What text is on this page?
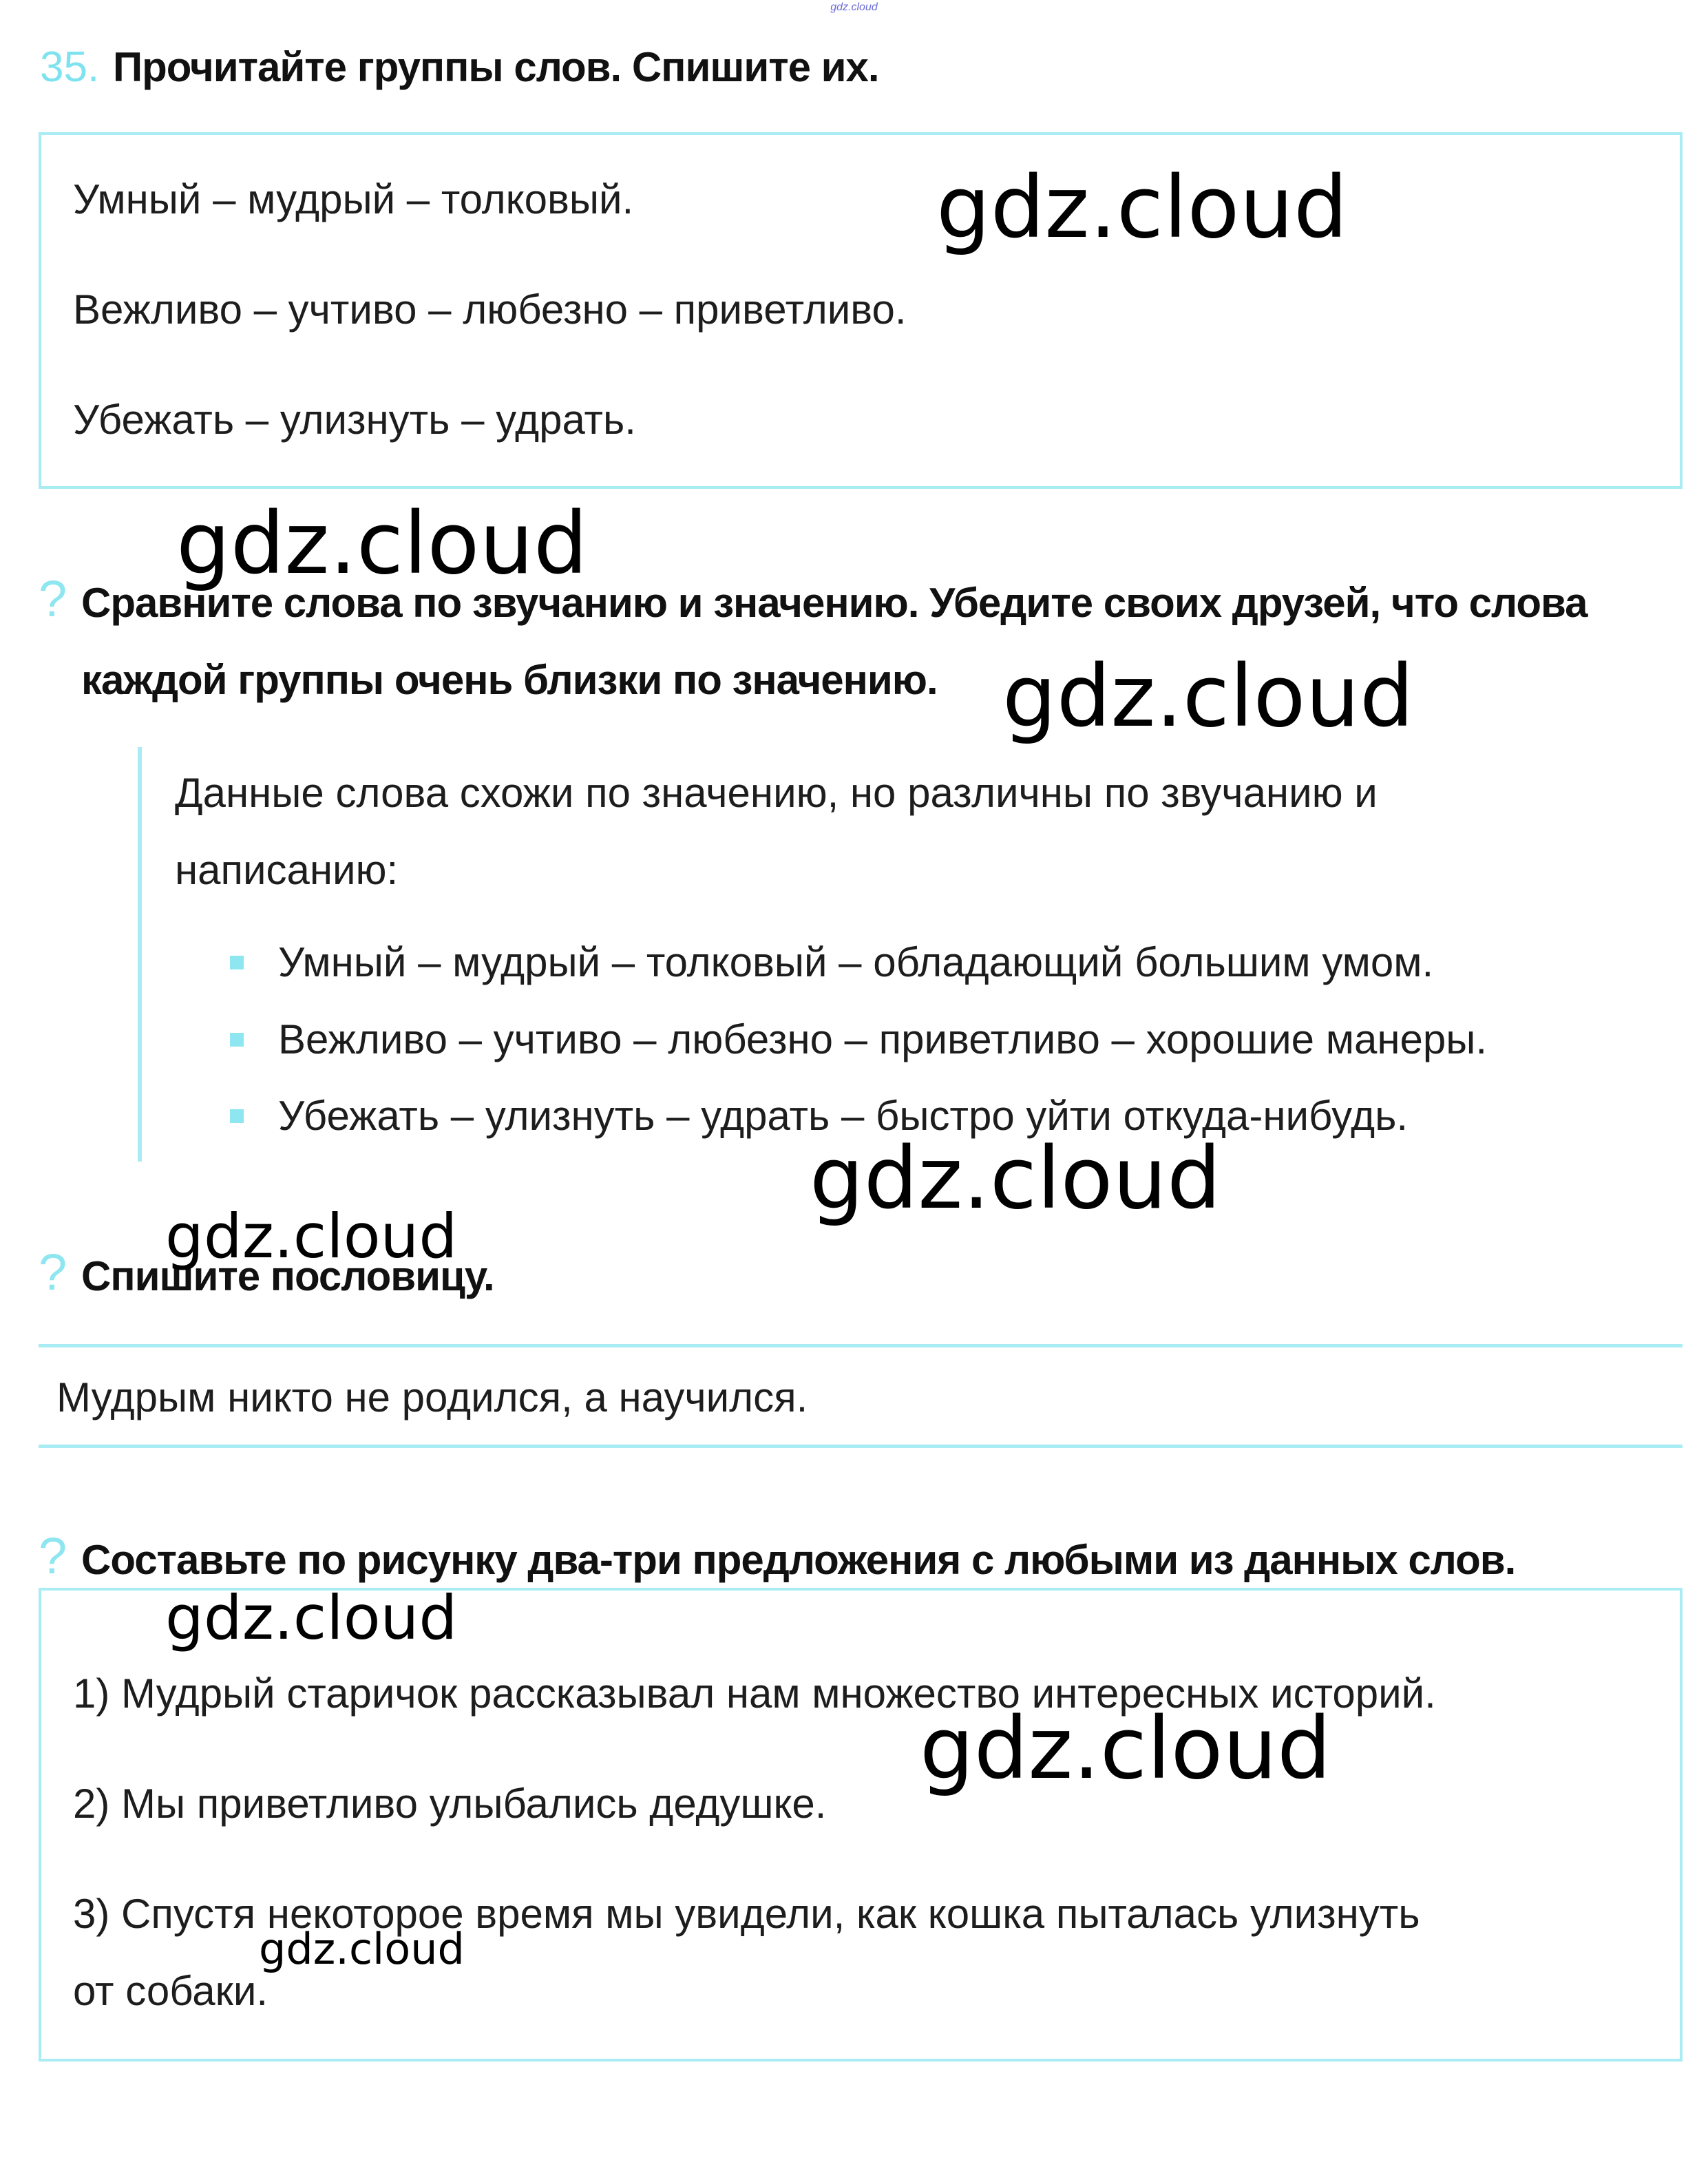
gdz.cloud
35. Прочитайте группы слов. Спишите их.
Умный – мудрый – толковый.
Вежливо – учтиво – любезно – приветливо.
Убежать – улизнуть – удрать.
? Сравните слова по звучанию и значению. Убедите своих друзей, что слова
каждой группы очень близки по значению.
Данные слова схожи по значению, но различны по звучанию и
написанию:
Умный – мудрый – толковый – обладающий большим умом.
Вежливо – учтиво – любезно – приветливо – хорошие манеры.
Убежать – улизнуть – удрать – быстро уйти откуда-нибудь.
? Спишите пословицу.
Мудрым никто не родился, а научился.
? Составьте по рисунку два-три предложения с любыми из данных слов.
1) Мудрый старичок рассказывал нам множество интересных историй.
2) Мы приветливо улыбались дедушке.
3) Спустя некоторое время мы увидели, как кошка пыталась улизнуть
от собаки.
gdz.cloud
gdz.cloud
gdz.cloud
gdz.cloud
gdz.cloud
gdz.cloud
gdz.cloud
gdz.cloud
